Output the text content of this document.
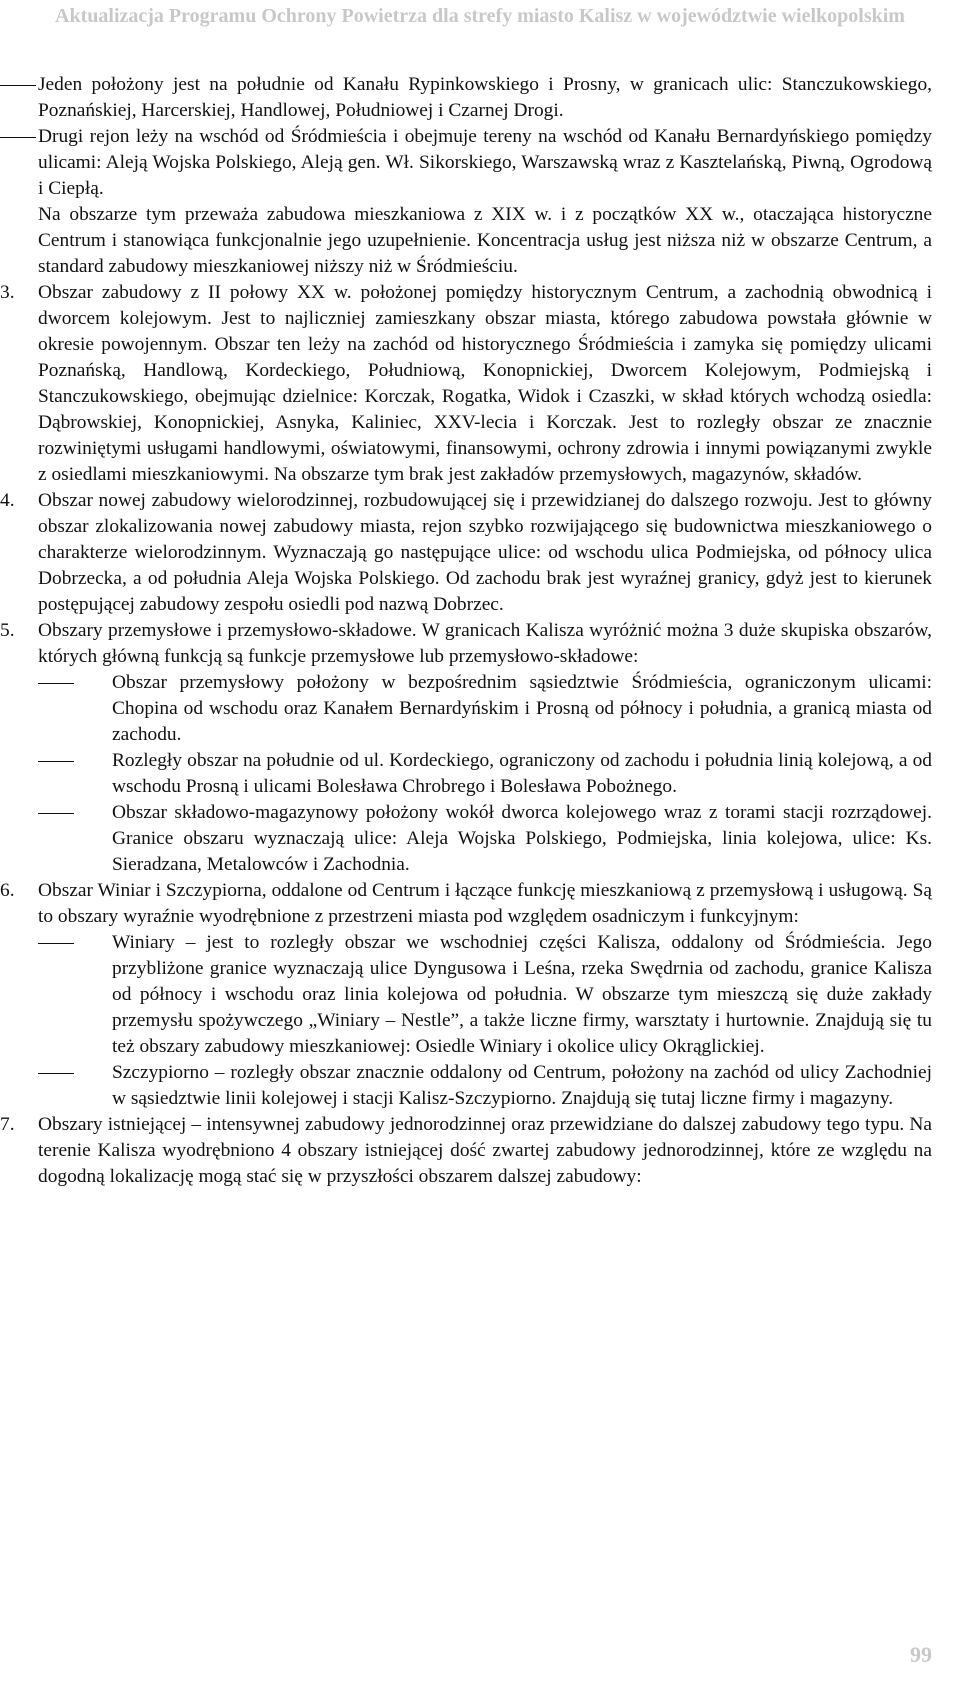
Aktualizacja Programu Ochrony Powietrza dla strefy miasto Kalisz w województwie wielkopolskim
Jeden położony jest na południe od Kanału Rypinkowskiego i Prosny, w granicach ulic: Stanczukowskiego, Poznańskiej, Harcerskiej, Handlowej, Południowej i Czarnej Drogi.
Drugi rejon leży na wschód od Śródmieścia i obejmuje tereny na wschód od Kanału Bernardyńskiego pomiędzy ulicami: Aleją Wojska Polskiego, Aleją gen. Wł. Sikorskiego, Warszawską wraz z Kasztelańską, Piwną, Ogrodową i Ciepłą.
Na obszarze tym przeważa zabudowa mieszkaniowa z XIX w. i z początków XX w., otaczająca historyczne Centrum i stanowiąca funkcjonalnie jego uzupełnienie. Koncentracja usług jest niższa niż w obszarze Centrum, a standard zabudowy mieszkaniowej niższy niż w Śródmieściu.
3. Obszar zabudowy z II połowy XX w. położonej pomiędzy historycznym Centrum, a zachodnią obwodnicą i dworcem kolejowym. Jest to najliczniej zamieszkany obszar miasta, którego zabudowa powstała głównie w okresie powojennym. Obszar ten leży na zachód od historycznego Śródmieścia i zamyka się pomiędzy ulicami Poznańską, Handlową, Kordeckiego, Południową, Konopnickiej, Dworcem Kolejowym, Podmiejską i Stanczukowskiego, obejmując dzielnice: Korczak, Rogatka, Widok i Czaszki, w skład których wchodzą osiedla: Dąbrowskiej, Konopnickiej, Asnyka, Kaliniec, XXV-lecia i Korczak. Jest to rozległy obszar ze znacznie rozwiniętymi usługami handlowymi, oświatowymi, finansowymi, ochrony zdrowia i innymi powiązanymi zwykle z osiedlami mieszkaniowymi. Na obszarze tym brak jest zakładów przemysłowych, magazynów, składów.
4. Obszar nowej zabudowy wielorodzinnej, rozbudowującej się i przewidzianej do dalszego rozwoju. Jest to główny obszar zlokalizowania nowej zabudowy miasta, rejon szybko rozwijającego się budownictwa mieszkaniowego o charakterze wielorodzinnym. Wyznaczają go następujące ulice: od wschodu ulica Podmiejska, od północy ulica Dobrzecka, a od południa Aleja Wojska Polskiego. Od zachodu brak jest wyraźnej granicy, gdyż jest to kierunek postępującej zabudowy zespołu osiedli pod nazwą Dobrzec.
5. Obszary przemysłowe i przemysłowo-składowe. W granicach Kalisza wyróżnić można 3 duże skupiska obszarów, których główną funkcją są funkcje przemysłowe lub przemysłowo-składowe:
Obszar przemysłowy położony w bezpośrednim sąsiedztwie Śródmieścia, ograniczonym ulicami: Chopina od wschodu oraz Kanałem Bernardyńskim i Prosną od północy i południa, a granicą miasta od zachodu.
Rozległy obszar na południe od ul. Kordeckiego, ograniczony od zachodu i południa linią kolejową, a od wschodu Prosną i ulicami Bolesława Chrobrego i Bolesława Pobożnego.
Obszar składowo-magazynowy położony wokół dworca kolejowego wraz z torami stacji rozrządowej. Granice obszaru wyznaczają ulice: Aleja Wojska Polskiego, Podmiejska, linia kolejowa, ulice: Ks. Sieradzana, Metalowców i Zachodnia.
6. Obszar Winiar i Szczypiorna, oddalone od Centrum i łączące funkcję mieszkaniową z przemysłową i usługową. Są to obszary wyraźnie wyodrębnione z przestrzeni miasta pod względem osadniczym i funkcyjnym:
Winiary – jest to rozległy obszar we wschodniej części Kalisza, oddalony od Śródmieścia. Jego przybliżone granice wyznaczają ulice Dyngusowa i Leśna, rzeka Swędrnia od zachodu, granice Kalisza od północy i wschodu oraz linia kolejowa od południa. W obszarze tym mieszczą się duże zakłady przemysłu spożywczego „Winiary – Nestle”, a także liczne firmy, warsztaty i hurtownie. Znajdują się tu też obszary zabudowy mieszkaniowej: Osiedle Winiary i okolice ulicy Okrąglickiej.
Szczypiorno – rozległy obszar znacznie oddalony od Centrum, położony na zachód od ulicy Zachodniej w sąsiedztwie linii kolejowej i stacji Kalisz-Szczypiorno. Znajdują się tutaj liczne firmy i magazyny.
7. Obszary istniejącej – intensywnej zabudowy jednorodzinnej oraz przewidziane do dalszej zabudowy tego typu. Na terenie Kalisza wyodrębniono 4 obszary istniejącej dość zwartej zabudowy jednorodzinnej, które ze względu na dogodną lokalizację mogą stać się w przyszłości obszarem dalszej zabudowy:
99
